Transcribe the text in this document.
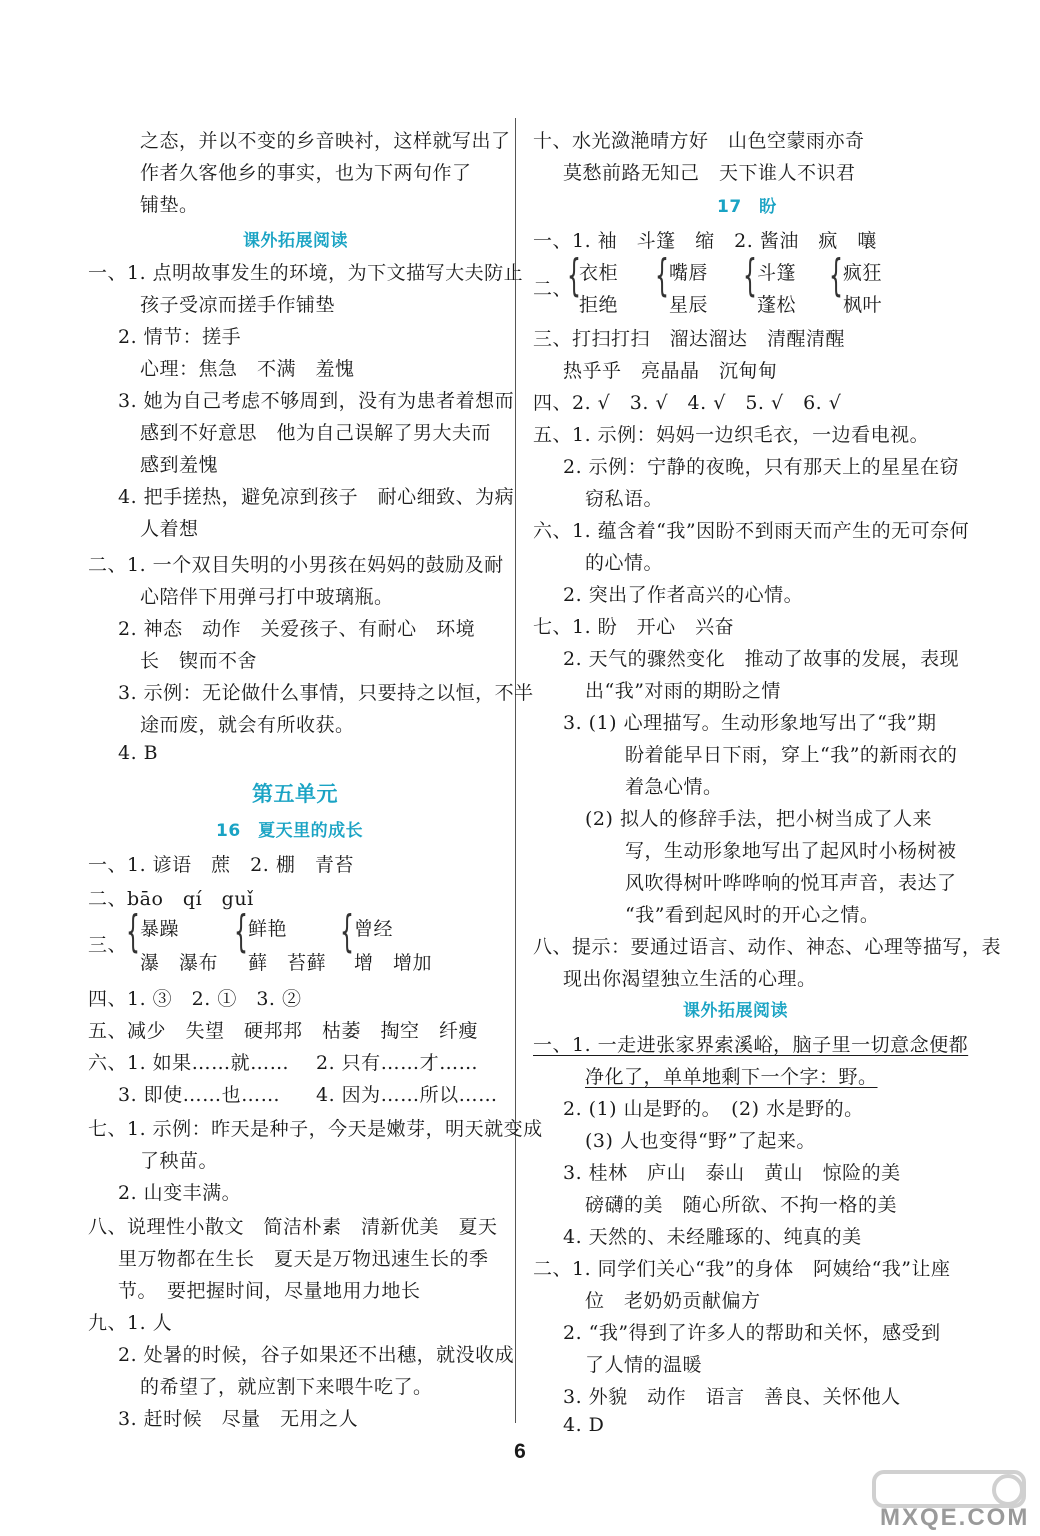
之态，并以不变的乡音映衬，这样就写出了
作者久客他乡的事实，也为下两句作了
铺垫。
课外拓展阅读
一、1. 点明故事发生的环境，为下文描写大夫防止
孩子受凉而搓手作铺垫
2. 情节：搓手
心理：焦急　不满　羞愧
3. 她为自己考虑不够周到，没有为患者着想而
感到不好意思　他为自己误解了男大夫而
感到羞愧
4. 把手搓热，避免凉到孩子　耐心细致、为病
人着想
二、1. 一个双目失明的小男孩在妈妈的鼓励及耐
心陪伴下用弹弓打中玻璃瓶。
2. 神态　动作　关爱孩子、有耐心　环境
长　锲而不舍
3. 示例：无论做什么事情，只要持之以恒，不半
途而废，就会有所收获。
4. B
第五单元
16　夏天里的成长
一、1. 谚语　蔗　2. 棚　青苔
二、bāo　qí　guǐ
三、
{ 暴躁
瀑　瀑布
{ 鲜艳
藓　苔藓
{ 曾经
增　增加
四、1. ③　2. ①　3. ②
五、减少　失望　硬邦邦　枯萎　掏空　纤瘦
六、1. 如果……就…… 2. 只有……才……
3. 即使……也…… 4. 因为……所以……
七、1. 示例：昨天是种子，今天是嫩芽，明天就变成
了秧苗。
2. 山变丰满。
八、说理性小散文　简洁朴素　清新优美　夏天
里万物都在生长　夏天是万物迅速生长的季
节。　要把握时间，尽量地用力地长
九、1. 人
2. 处暑的时候，谷子如果还不出穗，就没收成
的希望了，就应割下来喂牛吃了。
3. 赶时候　尽量　无用之人
十、水光潋滟晴方好　山色空蒙雨亦奇
莫愁前路无知己　天下谁人不识君
17　盼
一、1. 袖　斗篷　缩　2. 酱油　疯　嚷
二、
{
衣柜
拒绝
{ 嘴唇
星辰
{ 斗篷
蓬松
{ 疯狂
枫叶
三、打扫打扫　溜达溜达　清醒清醒
热乎乎　亮晶晶　沉甸甸
四、2. √　3. √　4. √　5. √　6. √
五、1. 示例：妈妈一边织毛衣，一边看电视。
2. 示例：宁静的夜晚，只有那天上的星星在窃
窃私语。
六、1. 蕴含着“我”因盼不到雨天而产生的无可奈何
的心情。
2. 突出了作者高兴的心情。
七、1. 盼　开心　兴奋
2. 天气的骤然变化　推动了故事的发展，表现
出“我”对雨的期盼之情
3. (1) 心理描写。生动形象地写出了“我”期
盼着能早日下雨，穿上“我”的新雨衣的
着急心情。
(2) 拟人的修辞手法，把小树当成了人来
写，生动形象地写出了起风时小杨树被
风吹得树叶哗哗响的悦耳声音，表达了
“我”看到起风时的开心之情。
八、提示：要通过语言、动作、神态、心理等描写，表
现出你渴望独立生活的心理。
课外拓展阅读
一、1. 一走进张家界索溪峪，脑子里一切意念便都
净化了，单单地剩下一个字：野。
2. (1) 山是野的。　(2) 水是野的。
(3) 人也变得“野”了起来。
3. 桂林　庐山　泰山　黄山　惊险的美
磅礴的美　随心所欲、不拘一格的美
4. 天然的、未经雕琢的、纯真的美
二、1. 同学们关心“我”的身体　阿姨给“我”让座
位　老奶奶贡献偏方
2. “我”得到了许多人的帮助和关怀，感受到
了人情的温暖
3. 外貌　动作　语言　善良、关怀他人
4. D
6
MXQE.COM
